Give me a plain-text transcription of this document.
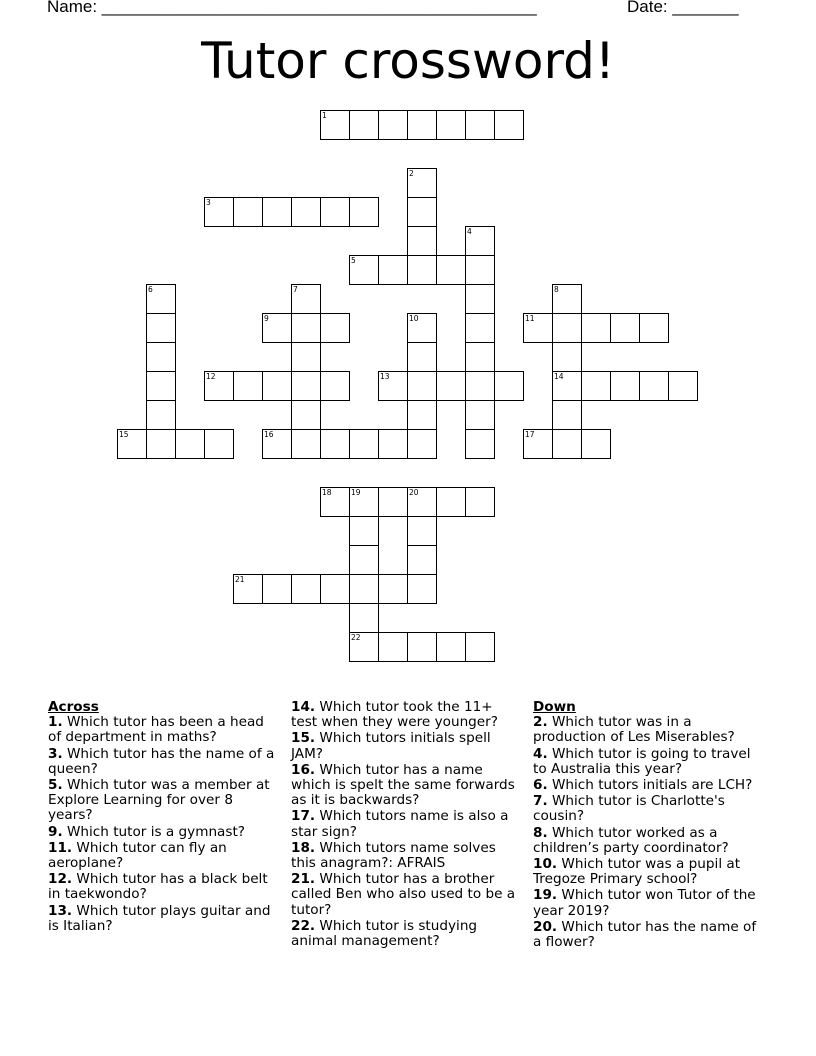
Name: ______________________________________________	Date: _______
Tutor crossword!
1
3
5
9	11
12	13	14
15	16	17
18	19	20
21
22
2
4
6	7	8
10
Across
1. Which tutor has been a head of department in maths?
3. Which tutor has the name of a queen?
5. Which tutor was a member at Explore Learning for over 8 years?
9. Which tutor is a gymnast?
11. Which tutor can fly an aeroplane?
12. Which tutor has a black belt in taekwondo?
13. Which tutor plays guitar and is Italian?
14. Which tutor took the 11+ test when they were younger?
15. Which tutors initials spell JAM?
16. Which tutor has a name which is spelt the same forwards as it is backwards?
17. Which tutors name is also a star sign?
18. Which tutors name solves this anagram?: AFRAIS
21. Which tutor has a brother called Ben who also used to be a tutor?
22. Which tutor is studying animal management?
Down
2. Which tutor was in a production of Les Miserables?
4. Which tutor is going to travel to Australia this year?
6. Which tutors initials are LCH?
7. Which tutor is Charlotte's cousin?
8. Which tutor worked as a children’s party coordinator?
10. Which tutor was a pupil at Tregoze Primary school?
19. Which tutor won Tutor of the year 2019?
20. Which tutor has the name of a flower?
